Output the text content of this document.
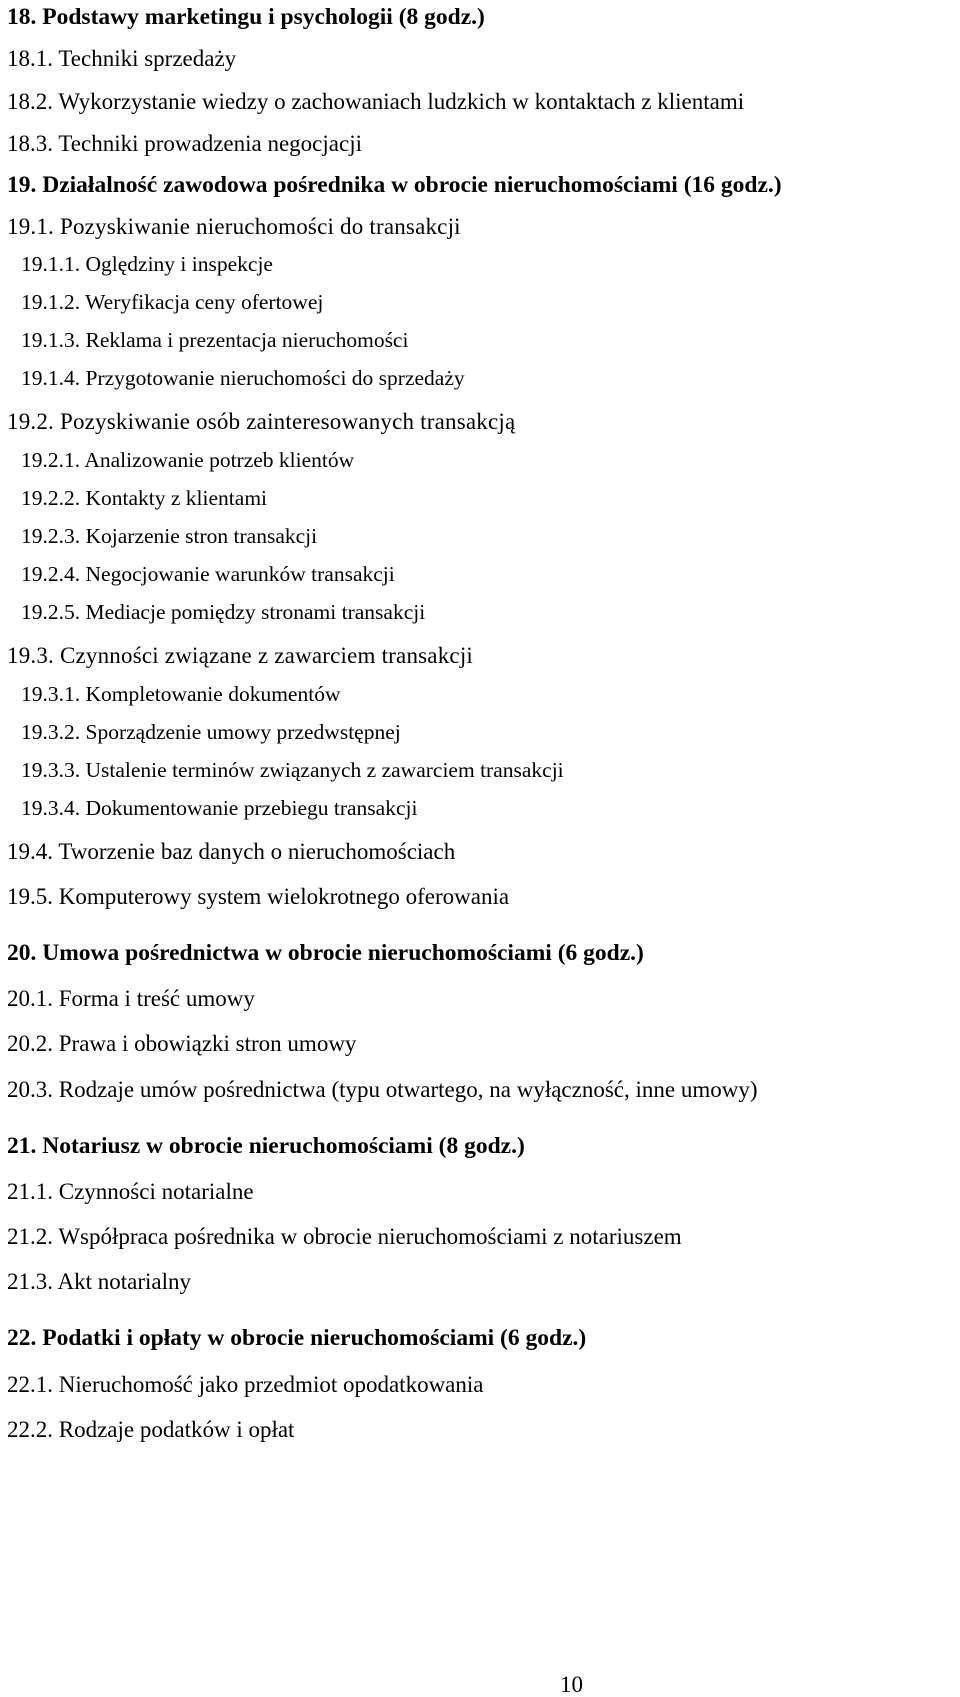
18. Podstawy marketingu i psychologii (8 godz.)
18.1. Techniki sprzedaży
18.2. Wykorzystanie wiedzy o zachowaniach ludzkich w kontaktach z klientami
18.3. Techniki prowadzenia negocjacji
19. Działalność zawodowa pośrednika w obrocie nieruchomościami (16 godz.)
19.1. Pozyskiwanie nieruchomości do transakcji
19.1.1. Oględziny i inspekcje
19.1.2. Weryfikacja ceny ofertowej
19.1.3. Reklama i prezentacja nieruchomości
19.1.4. Przygotowanie nieruchomości do sprzedaży
19.2. Pozyskiwanie osób zainteresowanych transakcją
19.2.1. Analizowanie potrzeb klientów
19.2.2. Kontakty z klientami
19.2.3. Kojarzenie stron transakcji
19.2.4. Negocjowanie warunków transakcji
19.2.5. Mediacje pomiędzy stronami transakcji
19.3. Czynności związane z zawarciem transakcji
19.3.1. Kompletowanie dokumentów
19.3.2. Sporządzenie umowy przedwstępnej
19.3.3. Ustalenie terminów związanych z zawarciem transakcji
19.3.4. Dokumentowanie przebiegu transakcji
19.4. Tworzenie baz danych o nieruchomościach
19.5. Komputerowy system wielokrotnego oferowania
20. Umowa pośrednictwa w obrocie nieruchomościami (6 godz.)
20.1. Forma i treść umowy
20.2. Prawa i obowiązki stron umowy
20.3. Rodzaje umów pośrednictwa (typu otwartego, na wyłączność, inne umowy)
21. Notariusz w obrocie nieruchomościami (8 godz.)
21.1. Czynności notarialne
21.2. Współpraca pośrednika w obrocie nieruchomościami z notariuszem
21.3. Akt notarialny
22. Podatki i opłaty w obrocie nieruchomościami (6 godz.)
22.1. Nieruchomość jako przedmiot opodatkowania
22.2. Rodzaje podatków i opłat
10
